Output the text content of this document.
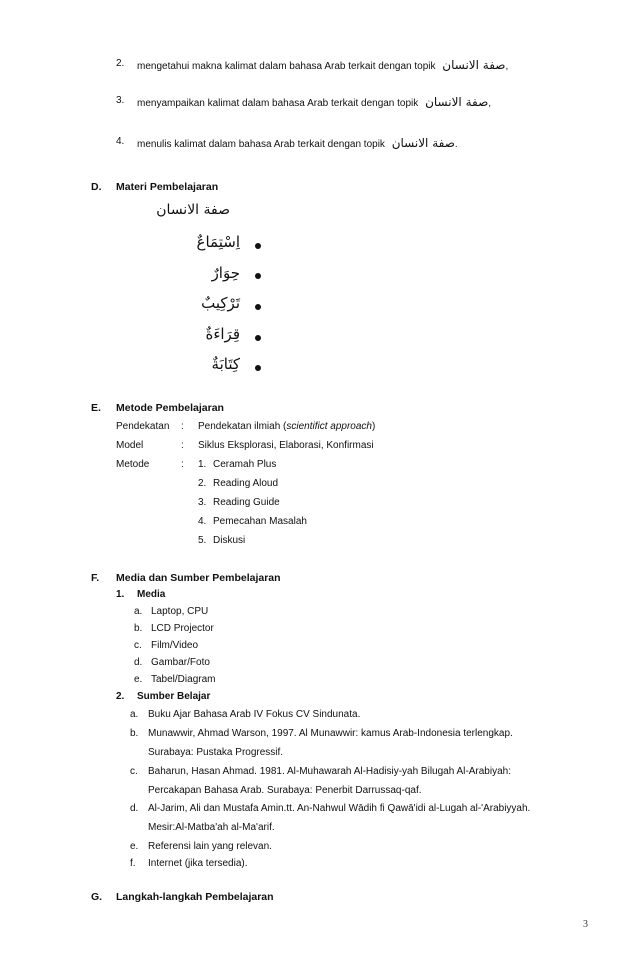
2. mengetahui makna kalimat dalam bahasa Arab terkait dengan topik صفة الانسان,
3. menyampaikan kalimat dalam bahasa Arab terkait dengan topik صفة الانسان,
4. menulis kalimat dalam bahasa Arab terkait dengan topik صفة الانسان.
D. Materi Pembelajaran
صفة الانسان
اِسْتِمَاعٌ
حِوَارٌ
تَرْكِيبٌ
قِرَاءَةٌ
كِتَابَةٌ
E. Metode Pembelajaran
Pendekatan : Pendekatan ilmiah (scientifict approach)
Model	: Siklus Eksplorasi, Elaborasi, Konfirmasi
Metode	: 1. Ceramah Plus
2. Reading Aloud
3. Reading Guide
4. Pemecahan Masalah
5. Diskusi
F. Media dan Sumber Pembelajaran
1. Media
a. Laptop, CPU
b. LCD Projector
c. Film/Video
d. Gambar/Foto
e. Tabel/Diagram
2. Sumber Belajar
a. Buku Ajar Bahasa Arab IV Fokus CV Sindunata.
b. Munawwir, Ahmad Warson, 1997. Al Munawwir: kamus Arab-Indonesia terlengkap.
Surabaya: Pustaka Progressif.
c. Baharun, Hasan Ahmad. 1981. Al-Muhawarah Al-Hadisiy-yah Bilugah Al-Arabiyah:
Percakapan Bahasa Arab. Surabaya: Penerbit Darrussaq-qaf.
d. Al-Jarim, Ali dan Mustafa Amin.tt. An-Nahwul Wādih fi Qawā'idi al-Lugah al-'Arabiyyah.
Mesir:Al-Matba'ah al-Ma'arif.
e. Referensi lain yang relevan.
f. Internet (jika tersedia).
G. Langkah-langkah Pembelajaran
3
